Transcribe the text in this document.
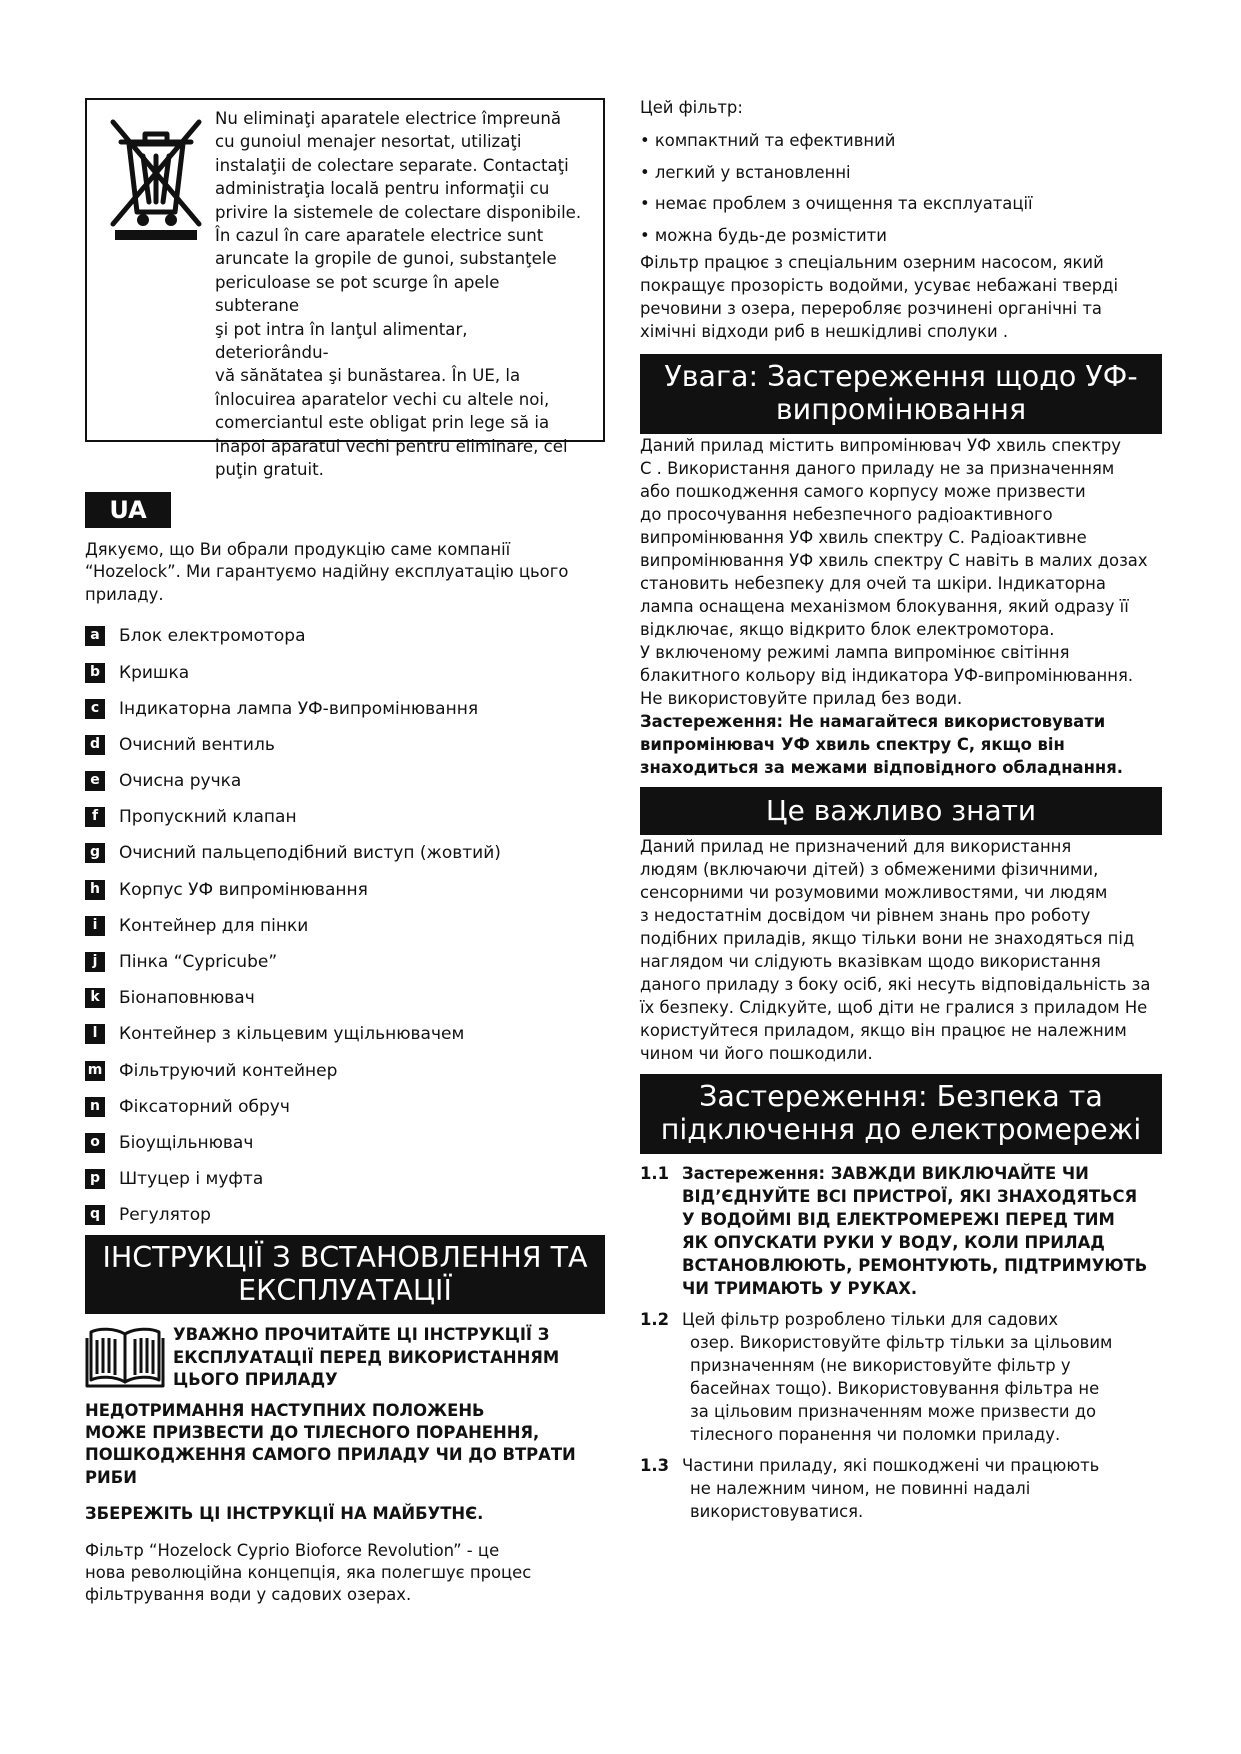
Nu eliminaţi aparatele electrice împreună
cu gunoiul menajer nesortat, utilizaţi
instalaţii de colectare separate. Contactaţi
administraţia locală pentru informaţii cu
privire la sistemele de colectare disponibile.
În cazul în care aparatele electrice sunt
aruncate la gropile de gunoi, substanţele
periculoase se pot scurge în apele subterane
şi pot intra în lanţul alimentar, deteriorându-
vă sănătatea şi bunăstarea. În UE, la
înlocuirea aparatelor vechi cu altele noi,
comerciantul este obligat prin lege să ia
înapoi aparatul vechi pentru eliminare, cel
puţin gratuit.
UA
Дякуємо, що Ви обрали продукцію саме компанії
“Hozelock”. Ми гарантуємо надійну експлуатацію цього
приладу.
a	Блок електромотора
b Кришка
c	Індикаторна лампа УФ-випромінювання
d Очисний вентиль
e	Очисна ручка
f	Пропускний клапан
g Очисний пальцеподібний виступ (жовтий)
h Корпус УФ випромінювання
i	Контейнер для пінки
j	Пінка “Cypricube”
k	Біонаповнювач
l	Контейнер з кільцевим ущільнювачем
m Фільтруючий контейнер
n Фіксаторний обруч
o	Біоущільнювач
p Штуцер і муфта
q Регулятор
ІНСТРУКЦІЇ З ВСТАНОВЛЕННЯ ТА
ЕКСПЛУАТАЦІЇ
УВАЖНО ПРОЧИТАЙТЕ ЦІ ІНСТРУКЦІЇ З
ЕКСПЛУАТАЦІЇ ПЕРЕД ВИКОРИСТАННЯМ
ЦЬОГО ПРИЛАДУ
НЕДОТРИМАННЯ НАСТУПНИХ ПОЛОЖЕНЬ
МОЖЕ ПРИЗВЕСТИ ДО ТІЛЕСНОГО ПОРАНЕННЯ,
ПОШКОДЖЕННЯ САМОГО ПРИЛАДУ ЧИ ДО ВТРАТИ
РИБИ
ЗБЕРЕЖІТЬ ЦІ ІНСТРУКЦІЇ НА МАЙБУТНЄ.
Фільтр “Hozelock Cyprio Bioforce Revolution” - це
нова революційна концепція, яка полегшує процес
фільтрування води у садових озерах.
Цей фільтр:
• компактний та ефективний
• легкий у встановленні
• немає проблем з очищення та експлуатації
• можна будь-де розмістити
Фільтр працює з спеціальним озерним насосом, який
покращує прозорість водойми, усуває небажані тверді
речовини з озера, переробляє розчинені органічні та
хімічні відходи риб в нешкідливі сполуки .
Увага: Застереження щодо УФ-
випромінювання
Даний прилад містить випромінювач УФ хвиль спектру
С . Використання даного приладу не за призначенням
або пошкодження самого корпусу може призвести
до просочування небезпечного радіоактивного
випромінювання УФ хвиль спектру С. Радіоактивне
випромінювання УФ хвиль спектру С навіть в малих дозах
становить небезпеку для очей та шкіри. Індикаторна
лампа оснащена механізмом блокування, який одразу її
відключає, якщо відкрито блок електромотора.
У включеному режимі лампа випромінює світіння
блакитного кольору від індикатора УФ-випромінювання.
Не використовуйте прилад без води.
Застереження: Не намагайтеся використовувати
випромінювач УФ хвиль спектру С, якщо він
знаходиться за межами відповідного обладнання.
Це важливо знати
Даний прилад не призначений для використання
людям (включаючи дітей) з обмеженими фізичними,
сенсорними чи розумовими можливостями, чи людям
з недостатнім досвідом чи рівнем знань про роботу
подібних приладів, якщо тільки вони не знаходяться під
наглядом чи слідують вказівкам щодо використання
даного приладу з боку осіб, які несуть відповідальність за
їх безпеку. Слідкуйте, щоб діти не гралися з приладом Не
користуйтеся приладом, якщо він працює не належним
чином чи його пошкодили.
Застереження: Безпека та
підключення до електромережі
1.1 Застереження: ЗАВЖДИ ВИКЛЮЧАЙТЕ ЧИ
ВІД’ЄДНУЙТЕ ВСІ ПРИСТРОЇ, ЯКІ ЗНАХОДЯТЬСЯ
У ВОДОЙМІ ВІД ЕЛЕКТРОМЕРЕЖІ ПЕРЕД ТИМ
ЯК ОПУСКАТИ РУКИ У ВОДУ, КОЛИ ПРИЛАД
ВСТАНОВЛЮЮТЬ, РЕМОНТУЮТЬ, ПІДТРИМУЮТЬ
ЧИ ТРИМАЮТЬ У РУКАХ.
1.2 Цей фільтр розроблено тільки для садових
озер. Використовуйте фільтр тільки за цільовим
призначенням (не використовуйте фільтр у
басейнах тощо). Використовування фільтра не
за цільовим призначенням може призвести до
тілесного поранення чи поломки приладу.
1.3 Частини приладу, які пошкоджені чи працюють
не належним чином, не повинні надалі
використовуватися.
